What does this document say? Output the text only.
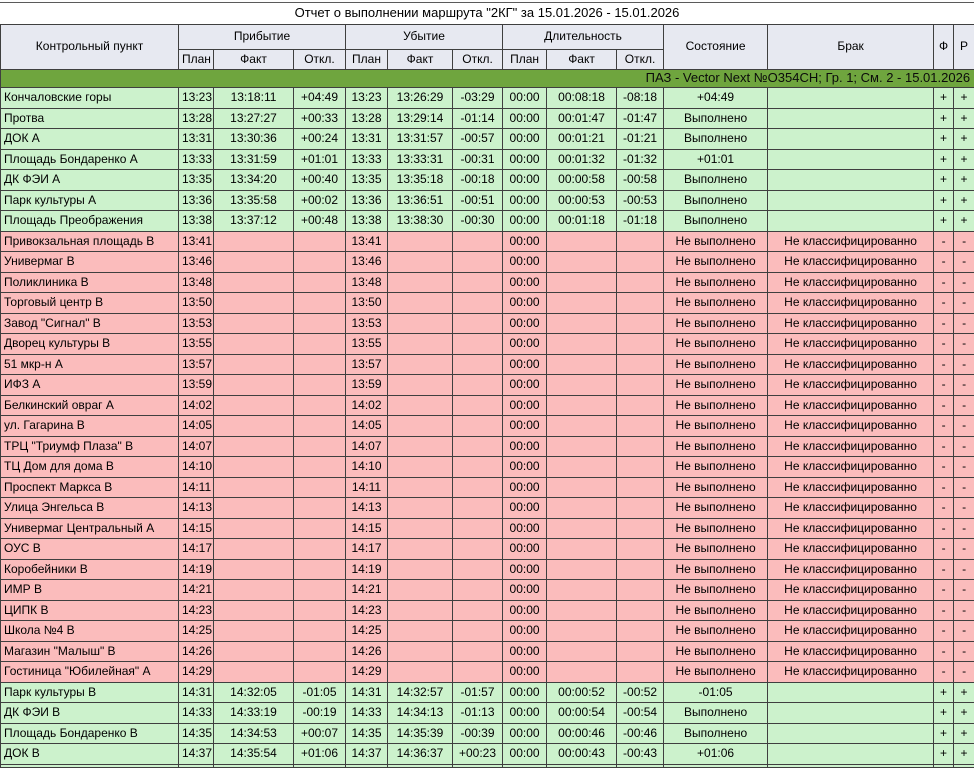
Отчет о выполнении маршрута "2КГ" за 15.01.2026 - 15.01.2026
Контрольный пункт	Прибытие			Убытие			Длительность			Состояние	Брак	Ф	Р
	План	Факт	Откл.	План	Факт	Откл.	План	Факт	Откл.				
ПАЗ - Vector Next №О354СН; Гр. 1; См. 2 - 15.01.2026													
Кончаловские горы	13:23	13:18:11	+04:49	13:23	13:26:29	-03:29	00:00	00:08:18	-08:18	+04:49		+	+
Протва	13:28	13:27:27	+00:33	13:28	13:29:14	-01:14	00:00	00:01:47	-01:47	Выполнено		+	+
ДОК А	13:31	13:30:36	+00:24	13:31	13:31:57	-00:57	00:00	00:01:21	-01:21	Выполнено		+	+
Площадь Бондаренко А	13:33	13:31:59	+01:01	13:33	13:33:31	-00:31	00:00	00:01:32	-01:32	+01:01		+	+
ДК ФЭИ А	13:35	13:34:20	+00:40	13:35	13:35:18	-00:18	00:00	00:00:58	-00:58	Выполнено		+	+
Парк культуры А	13:36	13:35:58	+00:02	13:36	13:36:51	-00:51	00:00	00:00:53	-00:53	Выполнено		+	+
Площадь Преображения	13:38	13:37:12	+00:48	13:38	13:38:30	-00:30	00:00	00:01:18	-01:18	Выполнено		+	+
Привокзальная площадь В	13:41			13:41			00:00			Не выполнено	Не классифицированно	-	-
Универмаг В	13:46			13:46			00:00			Не выполнено	Не классифицированно	-	-
Поликлиника В	13:48			13:48			00:00			Не выполнено	Не классифицированно	-	-
Торговый центр В	13:50			13:50			00:00			Не выполнено	Не классифицированно	-	-
Завод "Сигнал" В	13:53			13:53			00:00			Не выполнено	Не классифицированно	-	-
Дворец культуры В	13:55			13:55			00:00			Не выполнено	Не классифицированно	-	-
51 мкр-н А	13:57			13:57			00:00			Не выполнено	Не классифицированно	-	-
ИФЗ А	13:59			13:59			00:00			Не выполнено	Не классифицированно	-	-
Белкинский овраг А	14:02			14:02			00:00			Не выполнено	Не классифицированно	-	-
ул. Гагарина В	14:05			14:05			00:00			Не выполнено	Не классифицированно	-	-
ТРЦ "Триумф Плаза" В	14:07			14:07			00:00			Не выполнено	Не классифицированно	-	-
ТЦ Дом для дома В	14:10			14:10			00:00			Не выполнено	Не классифицированно	-	-
Проспект Маркса В	14:11			14:11			00:00			Не выполнено	Не классифицированно	-	-
Улица Энгельса В	14:13			14:13			00:00			Не выполнено	Не классифицированно	-	-
Универмаг Центральный А	14:15			14:15			00:00			Не выполнено	Не классифицированно	-	-
ОУС В	14:17			14:17			00:00			Не выполнено	Не классифицированно	-	-
Коробейники В	14:19			14:19			00:00			Не выполнено	Не классифицированно	-	-
ИМР В	14:21			14:21			00:00			Не выполнено	Не классифицированно	-	-
ЦИПК В	14:23			14:23			00:00			Не выполнено	Не классифицированно	-	-
Школа №4 В	14:25			14:25			00:00			Не выполнено	Не классифицированно	-	-
Магазин "Малыш" В	14:26			14:26			00:00			Не выполнено	Не классифицированно	-	-
Гостиница "Юбилейная" А	14:29			14:29			00:00			Не выполнено	Не классифицированно	-	-
Парк культуры В	14:31	14:32:05	-01:05	14:31	14:32:57	-01:57	00:00	00:00:52	-00:52	-01:05		+	+
ДК ФЭИ В	14:33	14:33:19	-00:19	14:33	14:34:13	-01:13	00:00	00:00:54	-00:54	Выполнено		+	+
Площадь Бондаренко В	14:35	14:34:53	+00:07	14:35	14:35:39	-00:39	00:00	00:00:46	-00:46	Выполнено		+	+
ДОК В	14:37	14:35:54	+01:06	14:37	14:36:37	+00:23	00:00	00:00:43	-00:43	+01:06		+	+
